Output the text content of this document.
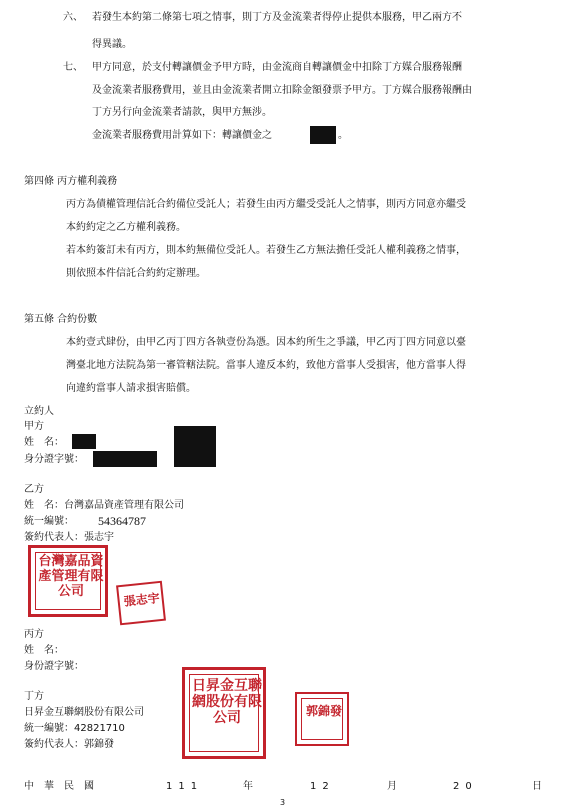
六、 若發生本約第二條第七項之情事，則丁方及金流業者得停止提供本服務，甲乙兩方不
得異議。
七、 甲方同意，於支付轉讓價金予甲方時，由金流商自轉讓價金中扣除丁方媒合服務報酬
及金流業者服務費用，並且由金流業者開立扣除金額發票予甲方。丁方媒合服務報酬由
丁方另行向金流業者請款，與甲方無涉。
金流業者服務費用計算如下：轉讓價金之	。
第四條 丙方權利義務
丙方為債權管理信託合約備位受託人；若發生由丙方繼受受託人之情事，則丙方同意亦繼受
本約約定之乙方權利義務。
若本約簽訂未有丙方，則本約無備位受託人。若發生乙方無法擔任受託人權利義務之情事，
則依照本件信託合約約定辦理。
第五條 合約份數
本約壹式肆份，由甲乙丙丁四方各執壹份為憑。因本約所生之爭議，甲乙丙丁四方同意以臺
灣臺北地方法院為第一審管轄法院。當事人違反本約，致他方當事人受損害，他方當事人得
向違約當事人請求損害賠償。
立約人
甲方
姓　名：
身分證字號：
乙方
姓　名：台灣嘉品資產管理有限公司
統一編號： 54364787
簽約代表人：張志宇
台灣嘉品資產管理有限公司	張志宇
丙方
姓　名：
身份證字號：
丁方
日昇金互聯網股份有限公司
統一編號：42821710
簽約代表人：郭錦發
日昇金互聯網股份有限公司	郭錦發
中　華　民　國	111	年	12	月	20	日
3
